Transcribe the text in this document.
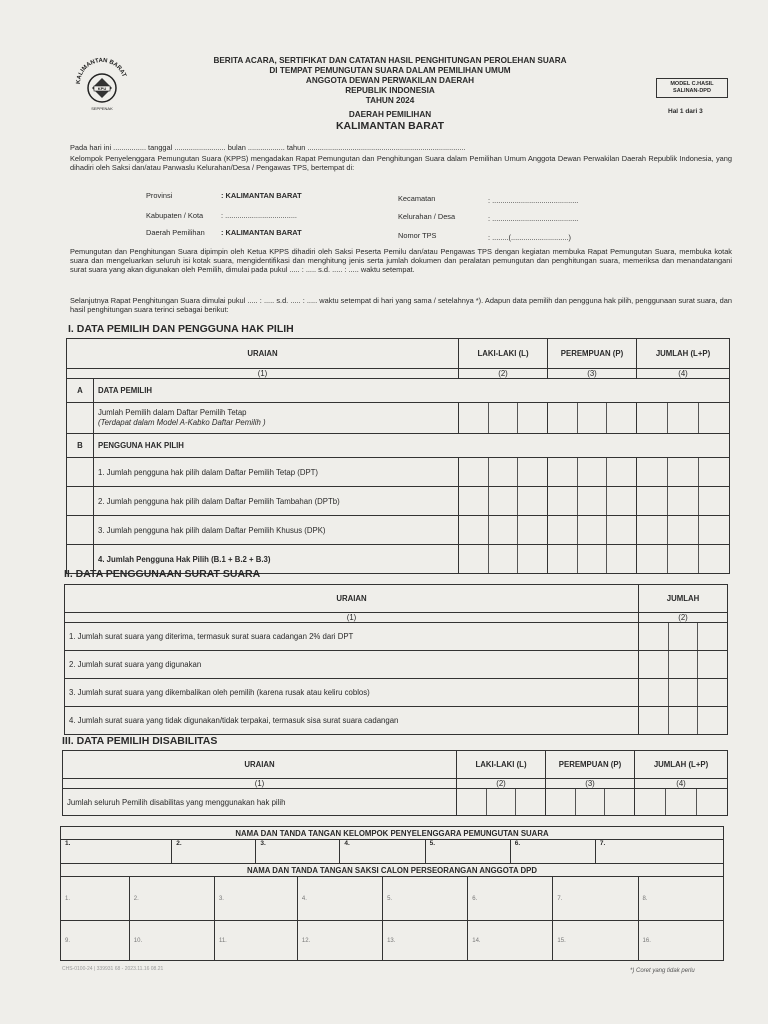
KALIMANTAN BARAT
KPU
SEPPENAK
BERITA ACARA, SERTIFIKAT DAN CATATAN HASIL PENGHITUNGAN PEROLEHAN SUARA
DI TEMPAT PEMUNGUTAN SUARA DALAM PEMILIHAN UMUM
ANGGOTA DEWAN PERWAKILAN DAERAH
REPUBLIK INDONESIA
TAHUN 2024
DAERAH PEMILIHAN
KALIMANTAN BARAT
MODEL C.HASIL
SALINAN-DPD
Hal 1 dari 3
Pada hari ini ................ tanggal ......................... bulan .................. tahun .............................................................................
Kelompok Penyelenggara Pemungutan Suara (KPPS) mengadakan Rapat Pemungutan dan Penghitungan Suara dalam Pemilihan Umum Anggota Dewan Perwakilan Daerah Republik Indonesia, yang dihadiri oleh Saksi dan/atau Panwaslu Kelurahan/Desa / Pengawas TPS, bertempat di:
Provinsi	: KALIMANTAN BARAT
Kabupaten / Kota : ...................................
Daerah Pemilihan : KALIMANTAN BARAT
Kecamatan	: ..........................................
Kelurahan / Desa	: ..........................................
Nomor TPS	: ........(............................)
Pemungutan dan Penghitungan Suara dipimpin oleh Ketua KPPS dihadiri oleh Saksi Peserta Pemilu dan/atau Pengawas TPS dengan kegiatan membuka Rapat Pemungutan Suara, membuka kotak suara dan mengeluarkan seluruh isi kotak suara, mengidentifikasi dan menghitung jenis serta jumlah dokumen dan peralatan pemungutan dan penghitungan suara, memeriksa dan menandatangani surat suara yang akan digunakan oleh Pemilih, dimulai pada pukul ..... : ..... s.d. ..... : ..... waktu setempat.
Selanjutnya Rapat Penghitungan Suara dimulai pukul ..... : ..... s.d. ..... : ..... waktu setempat di hari yang sama / setelahnya *). Adapun data pemilih dan pengguna hak pilih, penggunaan surat suara, dan hasil penghitungan suara terinci sebagai berikut:
I. DATA PEMILIH DAN PENGGUNA HAK PILIH
URAIAN		LAKI-LAKI (L)	PEREMPUAN (P)	JUMLAH (L+P)
(1)		(2)	(3)	(4)
A	DATA PEMILIH			

	Jumlah Pemilih dalam Daftar Pemilih Tetap
(Terdapat dalam Model A-Kabko Daftar Pemilih )			

B	PENGGUNA HAK PILIH			
	1. Jumlah pengguna hak pilih dalam Daftar Pemilih Tetap (DPT)	

	2. Jumlah pengguna hak pilih dalam Daftar Pemilih Tambahan (DPTb)	

	3. Jumlah pengguna hak pilih dalam Daftar Pemilih Khusus (DPK)	

	4. Jumlah Pengguna Hak Pilih (B.1 + B.2 + B.3)	

II. DATA PENGGUNAAN SURAT SUARA
URAIAN	JUMLAH
(1)	(2)
1. Jumlah surat suara yang diterima, termasuk surat suara cadangan 2% dari DPT	

2. Jumlah surat suara yang digunakan	

3. Jumlah surat suara yang dikembalikan oleh pemilih (karena rusak atau keliru coblos)	

4. Jumlah surat suara yang tidak digunakan/tidak terpakai, termasuk sisa surat suara cadangan	
III. DATA PEMILIH DISABILITAS
URAIAN	LAKI-LAKI (L)	PEREMPUAN (P)	JUMLAH (L+P)
(1)	(2)	(3)	(4)
Jumlah seluruh Pemilih disabilitas yang menggunakan hak pilih	

NAMA DAN TANDA TANGAN KELOMPOK PENYELENGGARA PEMUNGUTAN SUARA													
1.		2.		3.		4.		5.		6.		7.	
NAMA DAN TANDA TANGAN SAKSI CALON PERSEORANGAN ANGGOTA DPD													
1.	2.		3.		4.		5.		6.		7.		8.
9.	10.		11.		12.		13.		14.		15.		16.
CHS-0100-24 | 339931 68 - 2023.11.16 08.21	*) Coret yang tidak perlu
